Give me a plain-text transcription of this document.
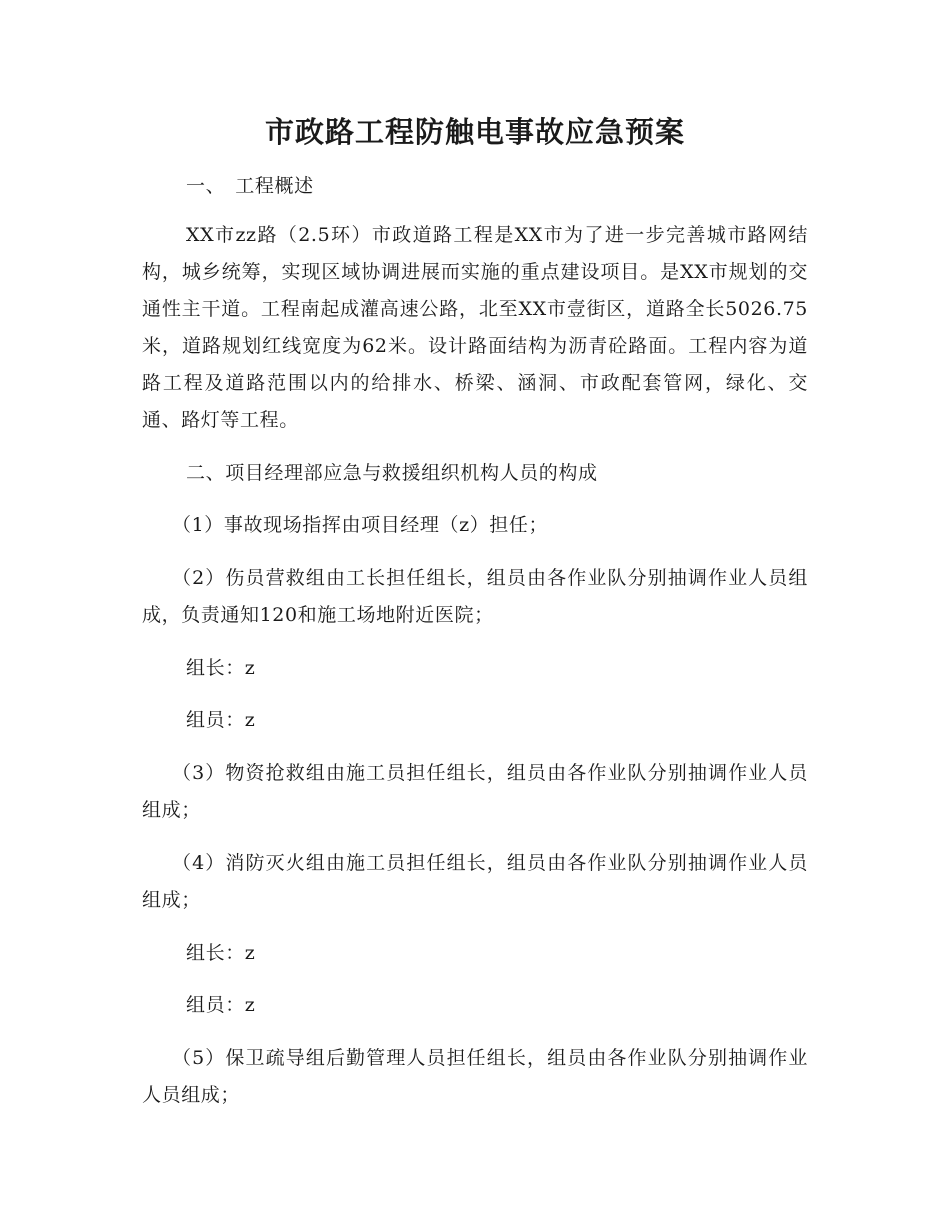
市政路工程防触电事故应急预案

一、　工程概述

XX市zz路（2.5环）市政道路工程是XX市为了进一步完善城市路网结构，城乡统筹，实现区域协调进展而实施的重点建设项目。是XX市规划的交通性主干道。工程南起成灌高速公路，北至XX市壹街区，道路全长5026.75米，道路规划红线宽度为62米。设计路面结构为沥青砼路面。工程内容为道路工程及道路范围以内的给排水、桥梁、涵洞、市政配套管网，绿化、交通、路灯等工程。

二、项目经理部应急与救援组织机构人员的构成

（1）事故现场指挥由项目经理（z）担任；

（2）伤员营救组由工长担任组长，组员由各作业队分别抽调作业人员组成，负责通知120和施工场地附近医院；

组长：z

组员：z

（3）物资抢救组由施工员担任组长，组员由各作业队分别抽调作业人员组成；

（4）消防灭火组由施工员担任组长，组员由各作业队分别抽调作业人员组成；

组长：z

组员：z

（5）保卫疏导组后勤管理人员担任组长，组员由各作业队分别抽调作业人员组成；
